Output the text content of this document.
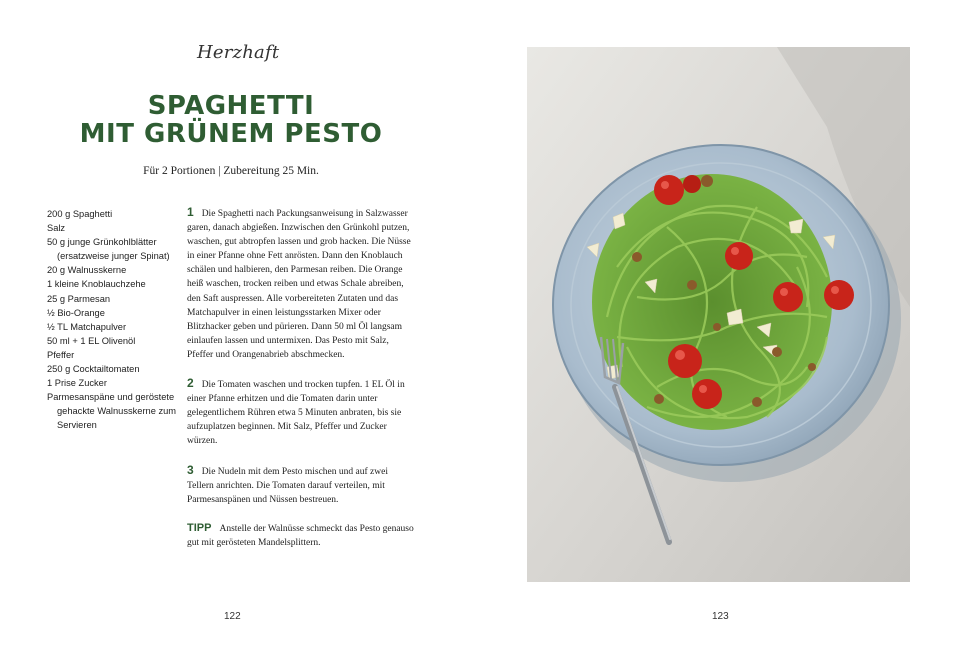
Herzhaft
SPAGHETTI
MIT GRÜNEM PESTO
Für 2 Portionen | Zubereitung 25 Min.
200 g Spaghetti
Salz
50 g junge Grünkohlblätter
(ersatzweise junger Spinat)
20 g Walnusskerne
1 kleine Knoblauchzehe
25 g Parmesan
½ Bio-Orange
½ TL Matchapulver
50 ml + 1 EL Olivenöl
Pfeffer
250 g Cocktailtomaten
1 Prise Zucker
Parmesanspäne und geröstete
gehackte Walnusskerne zum
Servieren
1 Die Spaghetti nach Packungsanweisung in Salzwasser garen, danach abgießen. Inzwischen den Grünkohl putzen, waschen, gut abtropfen lassen und grob hacken. Die Nüsse in einer Pfanne ohne Fett anrösten. Dann den Knoblauch schälen und halbieren, den Parmesan reiben. Die Orange heiß waschen, trocken reiben und etwas Schale abreiben, den Saft auspressen. Alle vorbereiteten Zutaten und das Matchapulver in einen leistungsstarken Mixer oder Blitzhacker geben und pürieren. Dann 50 ml Öl langsam einlaufen lassen und untermixen. Das Pesto mit Salz, Pfeffer und Orangenabrieb abschmecken.
2 Die Tomaten waschen und trocken tupfen. 1 EL Öl in einer Pfanne erhitzen und die Tomaten darin unter gelegentlichem Rühren etwa 5 Minuten anbraten, bis sie aufzuplatzen beginnen. Mit Salz, Pfeffer und Zucker würzen.
3 Die Nudeln mit dem Pesto mischen und auf zwei Tellern anrichten. Die Tomaten darauf verteilen, mit Parmesanspänen und Nüssen bestreuen.
TIPP Anstelle der Walnüsse schmeckt das Pesto genauso gut mit gerösteten Mandelsplittern.
122	123
